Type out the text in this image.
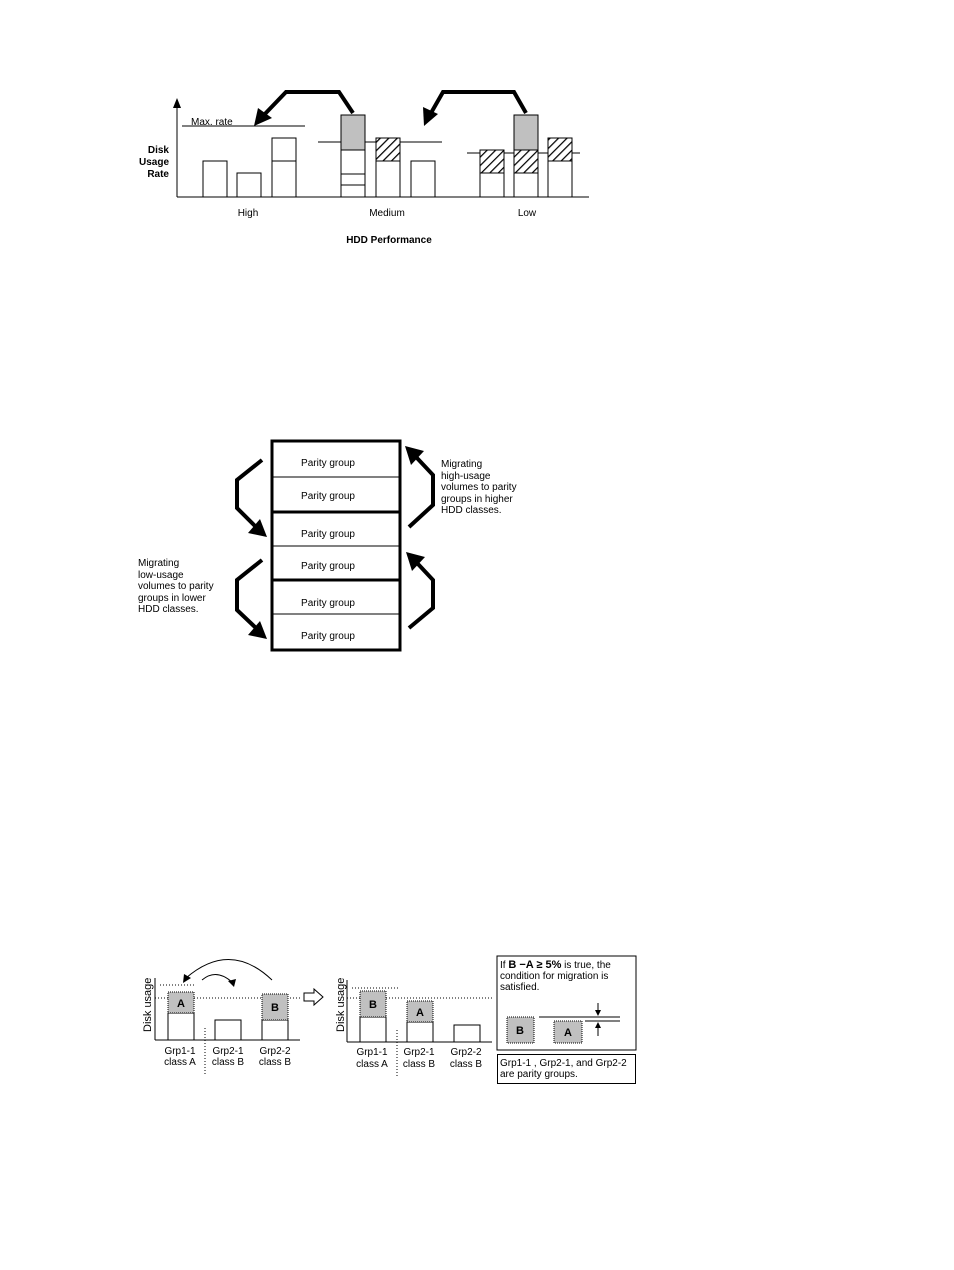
Disk
Usage
Rate
Max. rate
High	Medium	Low
HDD Performance
Parity group
Parity group
Parity group
Parity group
Parity group
Parity group
Migrating
high-usage
volumes to parity
groups in higher
HDD classes.
Migrating
low-usage
volumes to parity
groups in lower
HDD classes.
Disk usage A	B
Grp1-1
class A
Grp2-1
class B
Grp2-2
class B
Disk usage B
A
Grp1-1
class A
Grp2-1
class B
Grp2-2
class B
B	A
If B −A ≥ 5% is true, the condition for migration is satisfied.
Grp1-1 , Grp2-1, and Grp2-2 are parity groups.
